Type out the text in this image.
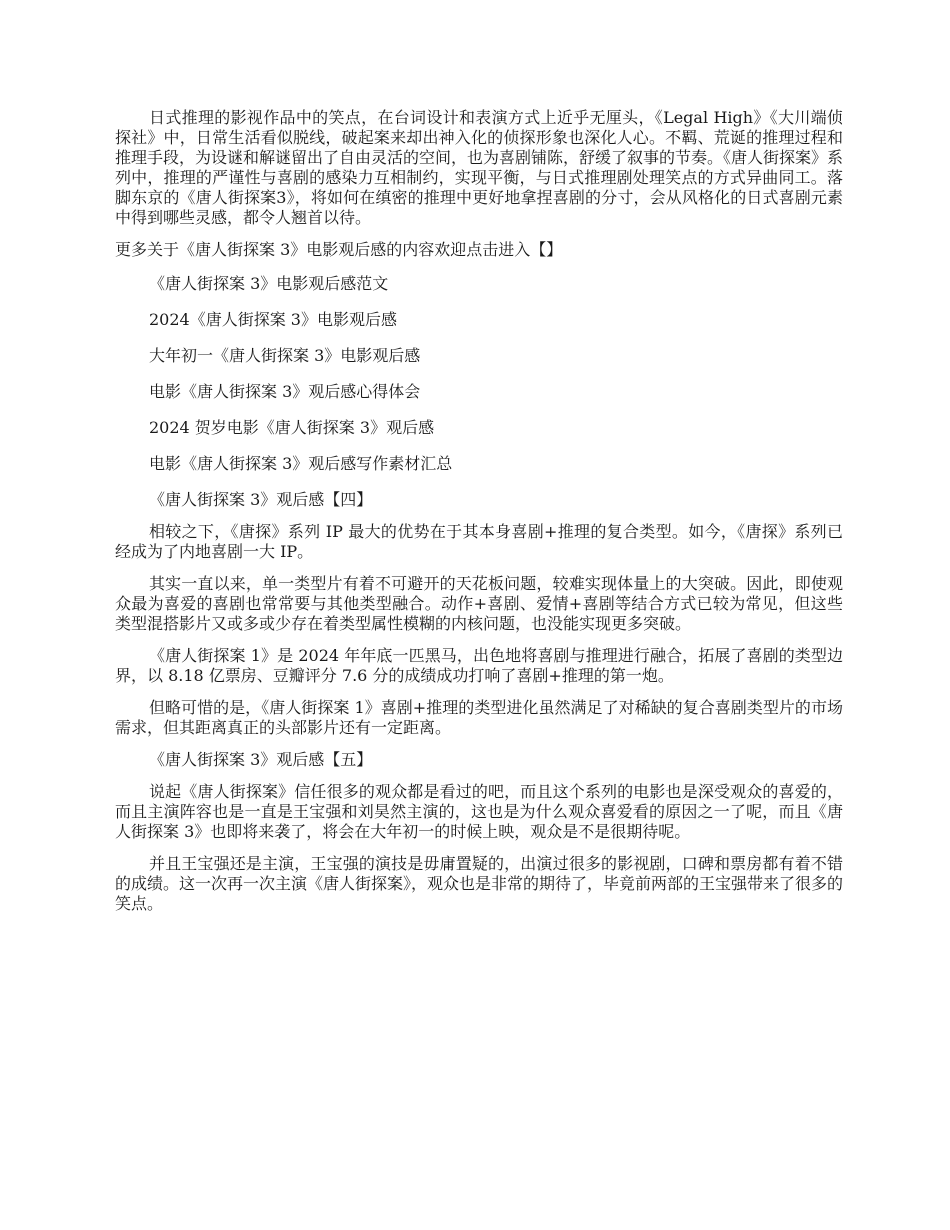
日式推理的影视作品中的笑点，在台词设计和表演方式上近乎无厘头，《Legal High》《大川端侦探社》中，日常生活看似脱线，破起案来却出神入化的侦探形象也深化人心。不羁、荒诞的推理过程和推理手段，为设谜和解谜留出了自由灵活的空间，也为喜剧铺陈，舒缓了叙事的节奏。《唐人街探案》系列中，推理的严谨性与喜剧的感染力互相制约，实现平衡，与日式推理剧处理笑点的方式异曲同工。落脚东京的《唐人街探案3》，将如何在缜密的推理中更好地拿捏喜剧的分寸，会从风格化的日式喜剧元素中得到哪些灵感，都令人翘首以待。

更多关于《唐人街探案 3》电影观后感的内容欢迎点击进入【】

《唐人街探案 3》电影观后感范文
2024《唐人街探案 3》电影观后感
大年初一《唐人街探案 3》电影观后感
电影《唐人街探案 3》观后感心得体会
2024 贺岁电影《唐人街探案 3》观后感
电影《唐人街探案 3》观后感写作素材汇总
《唐人街探案 3》观后感【四】

相较之下，《唐探》系列 IP 最大的优势在于其本身喜剧+推理的复合类型。如今，《唐探》系列已经成为了内地喜剧一大 IP。

其实一直以来，单一类型片有着不可避开的天花板问题，较难实现体量上的大突破。因此，即使观众最为喜爱的喜剧也常常要与其他类型融合。动作+喜剧、爱情+喜剧等结合方式已较为常见，但这些类型混搭影片又或多或少存在着类型属性模糊的内核问题，也没能实现更多突破。

《唐人街探案 1》是 2024 年年底一匹黑马，出色地将喜剧与推理进行融合，拓展了喜剧的类型边界，以 8.18 亿票房、豆瓣评分 7.6 分的成绩成功打响了喜剧+推理的第一炮。

但略可惜的是，《唐人街探案 1》喜剧+推理的类型进化虽然满足了对稀缺的复合喜剧类型片的市场需求，但其距离真正的头部影片还有一定距离。

《唐人街探案 3》观后感【五】

说起《唐人街探案》信任很多的观众都是看过的吧，而且这个系列的电影也是深受观众的喜爱的，而且主演阵容也是一直是王宝强和刘昊然主演的，这也是为什么观众喜爱看的原因之一了呢，而且《唐人街探案 3》也即将来袭了，将会在大年初一的时候上映，观众是不是很期待呢。

并且王宝强还是主演，王宝强的演技是毋庸置疑的，出演过很多的影视剧，口碑和票房都有着不错的成绩。这一次再一次主演《唐人街探案》，观众也是非常的期待了，毕竟前两部的王宝强带来了很多的笑点。
